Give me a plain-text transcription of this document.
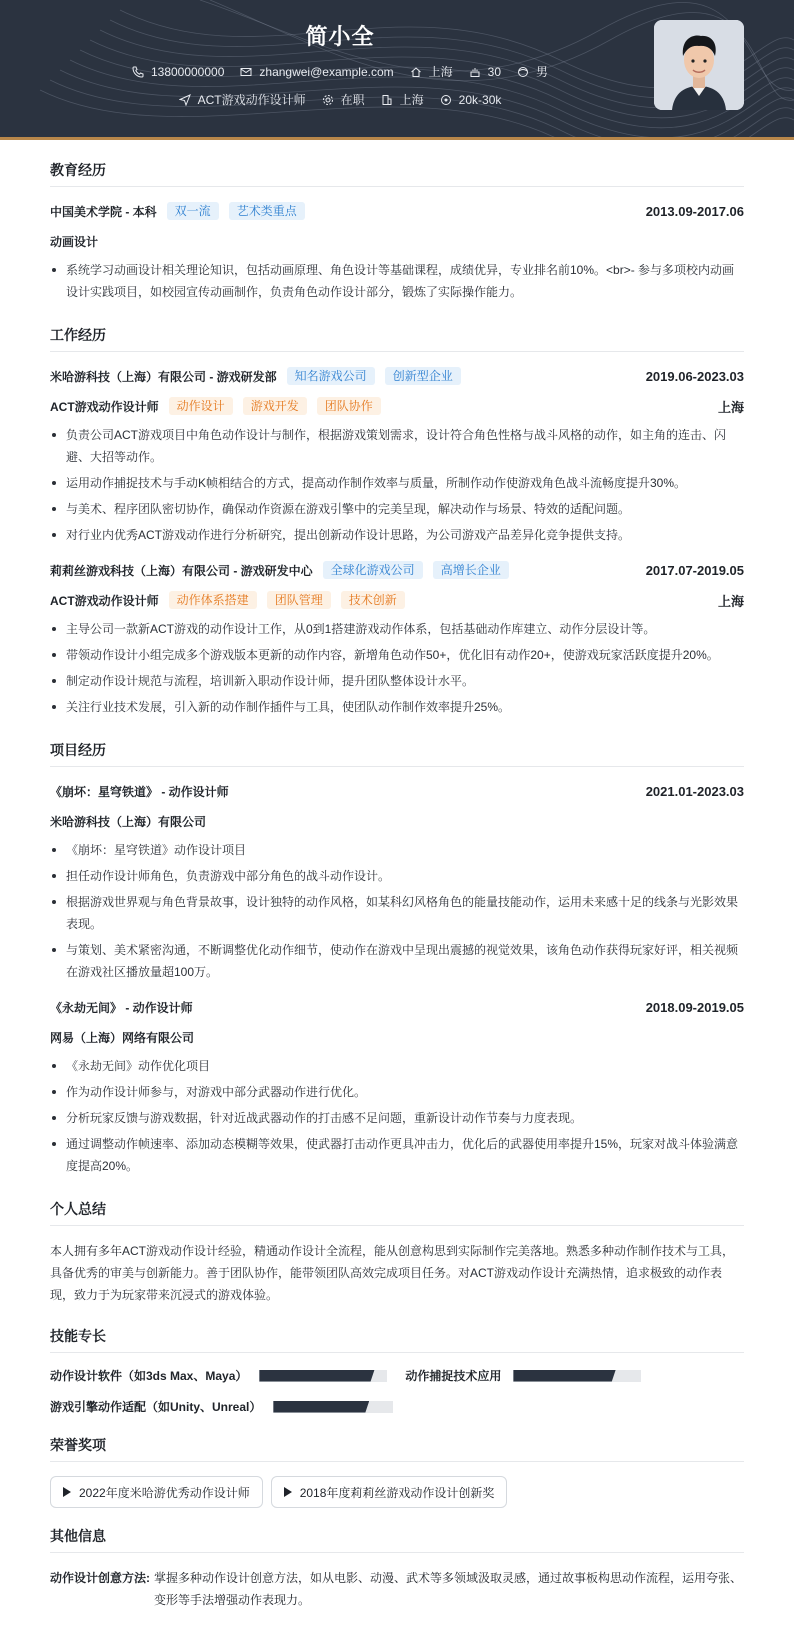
简小全
13800000000	zhangwei@example.com	上海	30	男
ACT游戏动作设计师	在职	上海	20k-30k
教育经历
中国美术学院 - 本科	双一流	艺术类重点	2013.09-2017.06
动画设计
系统学习动画设计相关理论知识，包括动画原理、角色设计等基础课程，成绩优异，专业排名前10%。<br>- 参与多项校内动画设计实践项目，如校园宣传动画制作，负责角色动作设计部分，锻炼了实际操作能力。
工作经历
米哈游科技（上海）有限公司 - 游戏研发部	知名游戏公司	创新型企业	2019.06-2023.03
ACT游戏动作设计师	动作设计	游戏开发	团队协作	上海
负责公司ACT游戏项目中角色动作设计与制作，根据游戏策划需求，设计符合角色性格与战斗风格的动作，如主角的连击、闪避、大招等动作。
运用动作捕捉技术与手动K帧相结合的方式，提高动作制作效率与质量，所制作动作使游戏角色战斗流畅度提升30%。
与美术、程序团队密切协作，确保动作资源在游戏引擎中的完美呈现，解决动作与场景、特效的适配问题。
对行业内优秀ACT游戏动作进行分析研究，提出创新动作设计思路，为公司游戏产品差异化竞争提供支持。
莉莉丝游戏科技（上海）有限公司 - 游戏研发中心	全球化游戏公司	高增长企业	2017.07-2019.05
ACT游戏动作设计师	动作体系搭建	团队管理	技术创新	上海
主导公司一款新ACT游戏的动作设计工作，从0到1搭建游戏动作体系，包括基础动作库建立、动作分层设计等。
带领动作设计小组完成多个游戏版本更新的动作内容，新增角色动作50+，优化旧有动作20+，使游戏玩家活跃度提升20%。
制定动作设计规范与流程，培训新入职动作设计师，提升团队整体设计水平。
关注行业技术发展，引入新的动作制作插件与工具，使团队动作制作效率提升25%。
项目经历
《崩坏：星穹铁道》 - 动作设计师	2021.01-2023.03
米哈游科技（上海）有限公司
《崩坏：星穹铁道》动作设计项目
担任动作设计师角色，负责游戏中部分角色的战斗动作设计。
根据游戏世界观与角色背景故事，设计独特的动作风格，如某科幻风格角色的能量技能动作，运用未来感十足的线条与光影效果表现。
与策划、美术紧密沟通，不断调整优化动作细节，使动作在游戏中呈现出震撼的视觉效果，该角色动作获得玩家好评，相关视频在游戏社区播放量超100万。
《永劫无间》 - 动作设计师	2018.09-2019.05
网易（上海）网络有限公司
《永劫无间》动作优化项目
作为动作设计师参与，对游戏中部分武器动作进行优化。
分析玩家反馈与游戏数据，针对近战武器动作的打击感不足问题，重新设计动作节奏与力度表现。
通过调整动作帧速率、添加动态模糊等效果，使武器打击动作更具冲击力，优化后的武器使用率提升15%，玩家对战斗体验满意度提高20%。
个人总结
本人拥有多年ACT游戏动作设计经验，精通动作设计全流程，能从创意构思到实际制作完美落地。熟悉多种动作制作技术与工具，具备优秀的审美与创新能力。善于团队协作，能带领团队高效完成项目任务。对ACT游戏动作设计充满热情，追求极致的动作表现，致力于为玩家带来沉浸式的游戏体验。
技能专长
动作设计软件（如3ds Max、Maya）	动作捕捉技术应用
游戏引擎动作适配（如Unity、Unreal）
荣誉奖项
2022年度米哈游优秀动作设计师	2018年度莉莉丝游戏动作设计创新奖
其他信息
动作设计创意方法: 掌握多种动作设计创意方法，如从电影、动漫、武术等多领域汲取灵感，通过故事板构思动作流程，运用夸张、变形等手法增强动作表现力。
